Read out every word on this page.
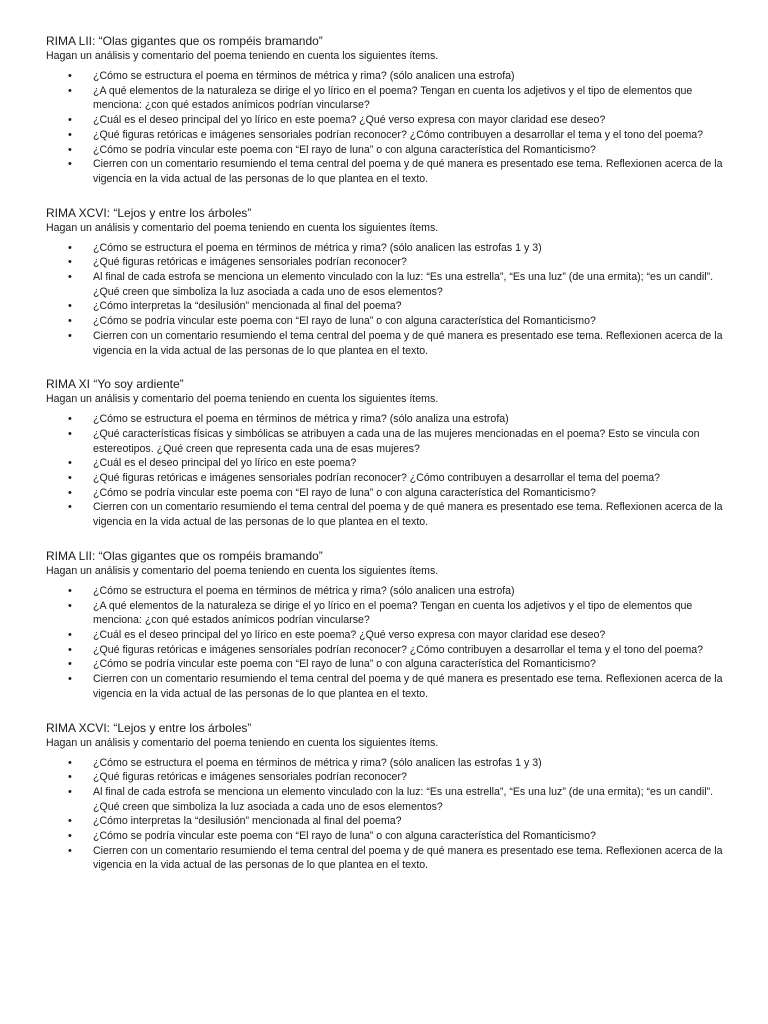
RIMA LII: “Olas gigantes que os rompéis bramando”

Hagan un análisis y comentario del poema teniendo en cuenta los siguientes ítems.

• ¿Cómo se estructura el poema en términos de métrica y rima? (sólo analicen una estrofa)
• ¿A qué elementos de la naturaleza se dirige el yo lírico en el poema? Tengan en cuenta los adjetivos y el tipo de elementos que menciona: ¿con qué estados anímicos podrían vincularse?
• ¿Cuál es el deseo principal del yo lírico en este poema? ¿Qué verso expresa con mayor claridad ese deseo?
• ¿Qué figuras retóricas e imágenes sensoriales podrían reconocer? ¿Cómo contribuyen a desarrollar el tema y el tono del poema?
• ¿Cómo se podría vincular este poema con “El rayo de luna” o con alguna característica del Romanticismo?
• Cierren con un comentario resumiendo el tema central del poema y de qué manera es presentado ese tema. Reflexionen acerca de la vigencia en la vida actual de las personas de lo que plantea en el texto.

RIMA XCVI: “Lejos y entre los árboles”

Hagan un análisis y comentario del poema teniendo en cuenta los siguientes ítems.

• ¿Cómo se estructura el poema en términos de métrica y rima? (sólo analicen las estrofas 1 y 3)
• ¿Qué figuras retóricas e imágenes sensoriales podrían reconocer?
• Al final de cada estrofa se menciona un elemento vinculado con la luz: “Es una estrella”, “Es una luz” (de una ermita); “es un candil”. ¿Qué creen que simboliza la luz asociada a cada uno de esos elementos?
• ¿Cómo interpretas la “desilusión” mencionada al final del poema?
• ¿Cómo se podría vincular este poema con “El rayo de luna” o con alguna característica del Romanticismo?
• Cierren con un comentario resumiendo el tema central del poema y de qué manera es presentado ese tema. Reflexionen acerca de la vigencia en la vida actual de las personas de lo que plantea en el texto.

RIMA XI “Yo soy ardiente”

Hagan un análisis y comentario del poema teniendo en cuenta los siguientes ítems.

• ¿Cómo se estructura el poema en términos de métrica y rima? (sólo analiza una estrofa)
• ¿Qué características físicas y simbólicas se atribuyen a cada una de las mujeres mencionadas en el poema? Esto se vincula con estereotipos. ¿Qué creen que representa cada una de esas mujeres?
• ¿Cuál es el deseo principal del yo lírico en este poema?
• ¿Qué figuras retóricas e imágenes sensoriales podrían reconocer? ¿Cómo contribuyen a desarrollar el tema del poema?
• ¿Cómo se podría vincular este poema con “El rayo de luna” o con alguna característica del Romanticismo?
• Cierren con un comentario resumiendo el tema central del poema y de qué manera es presentado ese tema. Reflexionen acerca de la vigencia en la vida actual de las personas de lo que plantea en el texto.

RIMA LII: “Olas gigantes que os rompéis bramando”

Hagan un análisis y comentario del poema teniendo en cuenta los siguientes ítems.

• ¿Cómo se estructura el poema en términos de métrica y rima? (sólo analicen una estrofa)
• ¿A qué elementos de la naturaleza se dirige el yo lírico en el poema? Tengan en cuenta los adjetivos y el tipo de elementos que menciona: ¿con qué estados anímicos podrían vincularse?
• ¿Cuál es el deseo principal del yo lírico en este poema? ¿Qué verso expresa con mayor claridad ese deseo?
• ¿Qué figuras retóricas e imágenes sensoriales podrían reconocer? ¿Cómo contribuyen a desarrollar el tema y el tono del poema?
• ¿Cómo se podría vincular este poema con “El rayo de luna” o con alguna característica del Romanticismo?
• Cierren con un comentario resumiendo el tema central del poema y de qué manera es presentado ese tema. Reflexionen acerca de la vigencia en la vida actual de las personas de lo que plantea en el texto.

RIMA XCVI: “Lejos y entre los árboles”

Hagan un análisis y comentario del poema teniendo en cuenta los siguientes ítems.

• ¿Cómo se estructura el poema en términos de métrica y rima? (sólo analicen las estrofas 1 y 3)
• ¿Qué figuras retóricas e imágenes sensoriales podrían reconocer?
• Al final de cada estrofa se menciona un elemento vinculado con la luz: “Es una estrella”, “Es una luz” (de una ermita); “es un candil”. ¿Qué creen que simboliza la luz asociada a cada uno de esos elementos?
• ¿Cómo interpretas la “desilusión” mencionada al final del poema?
• ¿Cómo se podría vincular este poema con “El rayo de luna” o con alguna característica del Romanticismo?
• Cierren con un comentario resumiendo el tema central del poema y de qué manera es presentado ese tema. Reflexionen acerca de la vigencia en la vida actual de las personas de lo que plantea en el texto.
